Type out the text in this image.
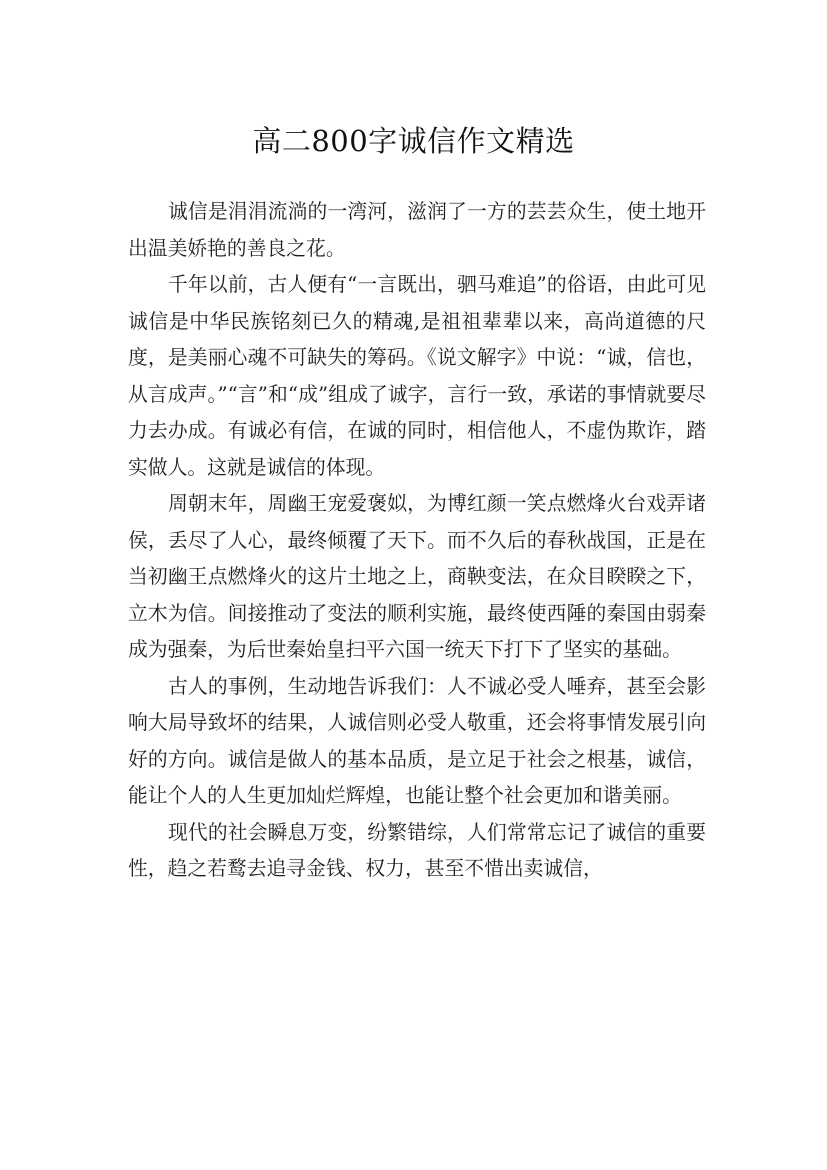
高二800字诚信作文精选

诚信是涓涓流淌的一湾河，滋润了一方的芸芸众生，使土地开出温美娇艳的善良之花。

千年以前，古人便有“一言既出，驷马难追”的俗语，由此可见诚信是中华民族铭刻已久的精魂,是祖祖辈辈以来，高尚道德的尺度，是美丽心魂不可缺失的筹码。《说文解字》中说：“诚，信也，从言成声。”“言”和“成”组成了诚字，言行一致，承诺的事情就要尽力去办成。有诚必有信，在诚的同时，相信他人，不虚伪欺诈，踏实做人。这就是诚信的体现。

周朝末年，周幽王宠爱褒姒，为博红颜一笑点燃烽火台戏弄诸侯，丢尽了人心，最终倾覆了天下。而不久后的春秋战国，正是在当初幽王点燃烽火的这片土地之上，商鞅变法，在众目睽睽之下，立木为信。间接推动了变法的顺利实施，最终使西陲的秦国由弱秦成为强秦，为后世秦始皇扫平六国一统天下打下了坚实的基础。

古人的事例，生动地告诉我们：人不诚必受人唾弃，甚至会影响大局导致坏的结果，人诚信则必受人敬重，还会将事情发展引向好的方向。诚信是做人的基本品质，是立足于社会之根基，诚信，能让个人的人生更加灿烂辉煌，也能让整个社会更加和谐美丽。

现代的社会瞬息万变，纷繁错综，人们常常忘记了诚信的重要性，趋之若鹜去追寻金钱、权力，甚至不惜出卖诚信，
